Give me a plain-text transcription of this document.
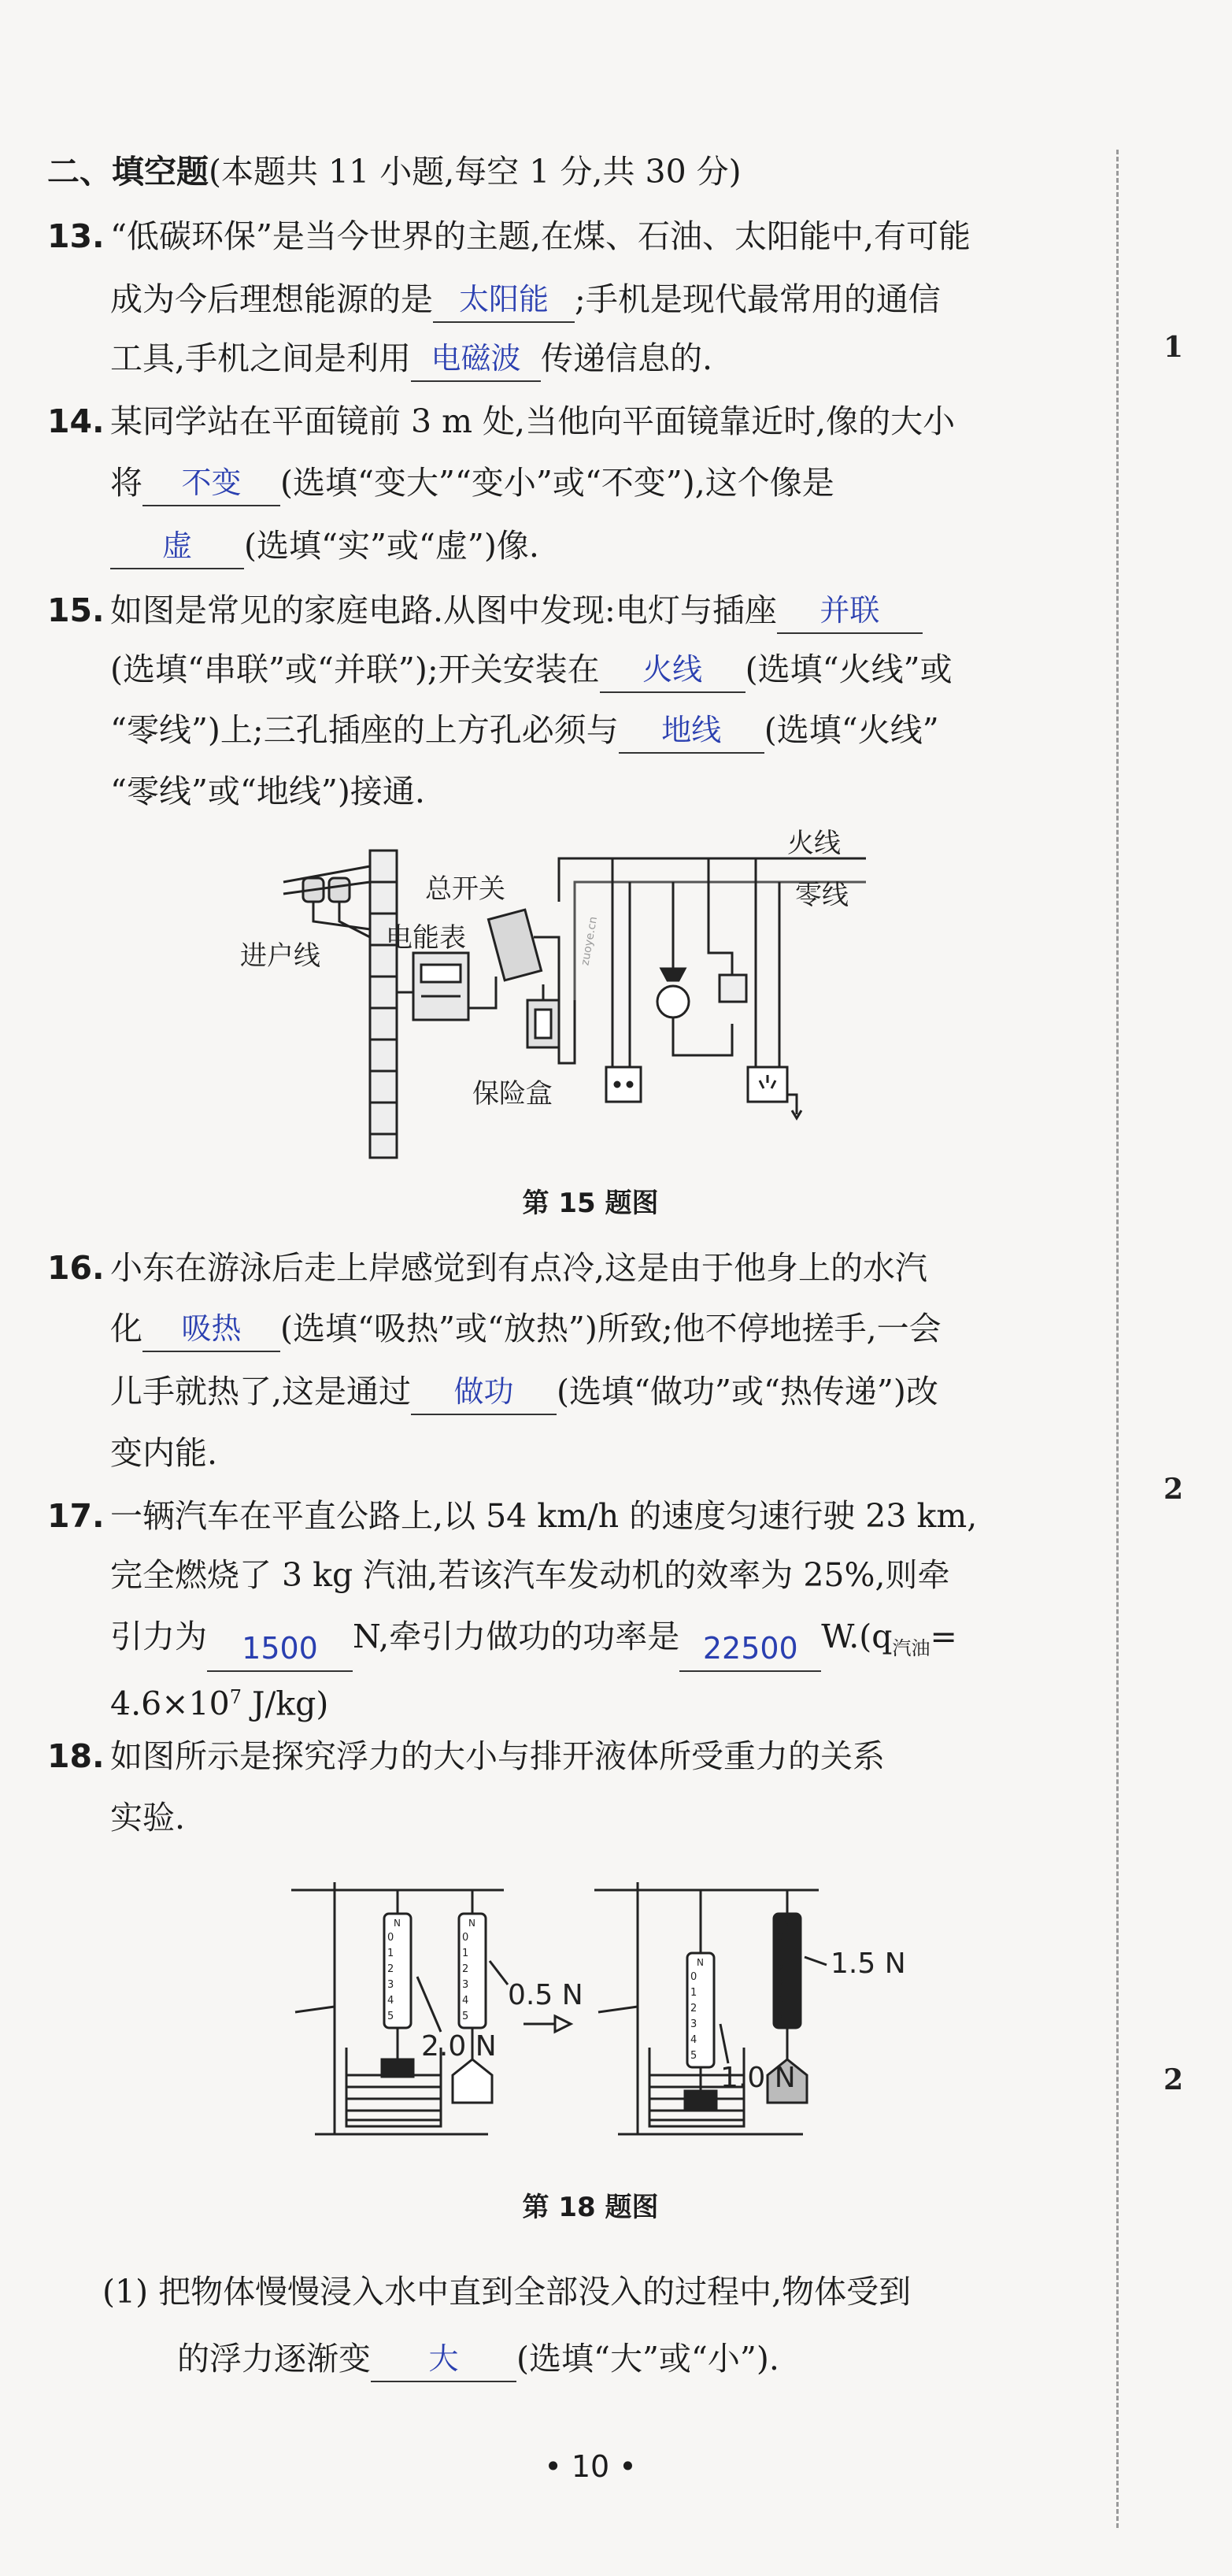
1
2
2
二、填空题(本题共 11 小题,每空 1 分,共 30 分)
13. “低碳环保”是当今世界的主题,在煤、石油、太阳能中,有可能
成为今后理想能源的是 太阳能 ;手机是现代最常用的通信
工具,手机之间是利用 电磁波 传递信息的.
14. 某同学站在平面镜前 3 m 处,当他向平面镜靠近时,像的大小
将	不变	(选填“变大”“变小”或“不变”),这个像是
虚	(选填“实”或“虚”)像.
15. 如图是常见的家庭电路.从图中发现:电灯与插座	并联
(选填“串联”或“并联”);开关安装在	火线	(选填“火线”或
“零线”)上;三孔插座的上方孔必须与	地线	(选填“火线”
“零线”或“地线”)接通.
火线
零线
总开关
电能表
进户线
保险盒
zuoye.cn
第 15 题图
16. 小东在游泳后走上岸感觉到有点冷,这是由于他身上的水汽
化	吸热	(选填“吸热”或“放热”)所致;他不停地搓手,一会
儿手就热了,这是通过	做功	(选填“做功”或“热传递”)改
变内能.
17. 一辆汽车在平直公路上,以 54 km/h 的速度匀速行驶 23 km,
完全燃烧了 3 kg 汽油,若该汽车发动机的效率为 25%,则牵
引力为	1500	N,牵引力做功的功率是 22500 $W.(q_{汽油}=$
$4.6\times 10^7$ J/kg)
18. 如图所示是探究浮力的大小与排开液体所受重力的关系
实验.
2.0 N
0.5 N
1.0 N
1.5 N
N
0
1
2
3
4
5
N
0
1
2
3
4
5
N
0
1
2
3
4
5
N
0
1
2
3
4
5
第 18 题图
(1) 把物体慢慢浸入水中直到全部没入的过程中,物体受到
的浮力逐渐变	大	(选填“大”或“小”).
• 10 •
